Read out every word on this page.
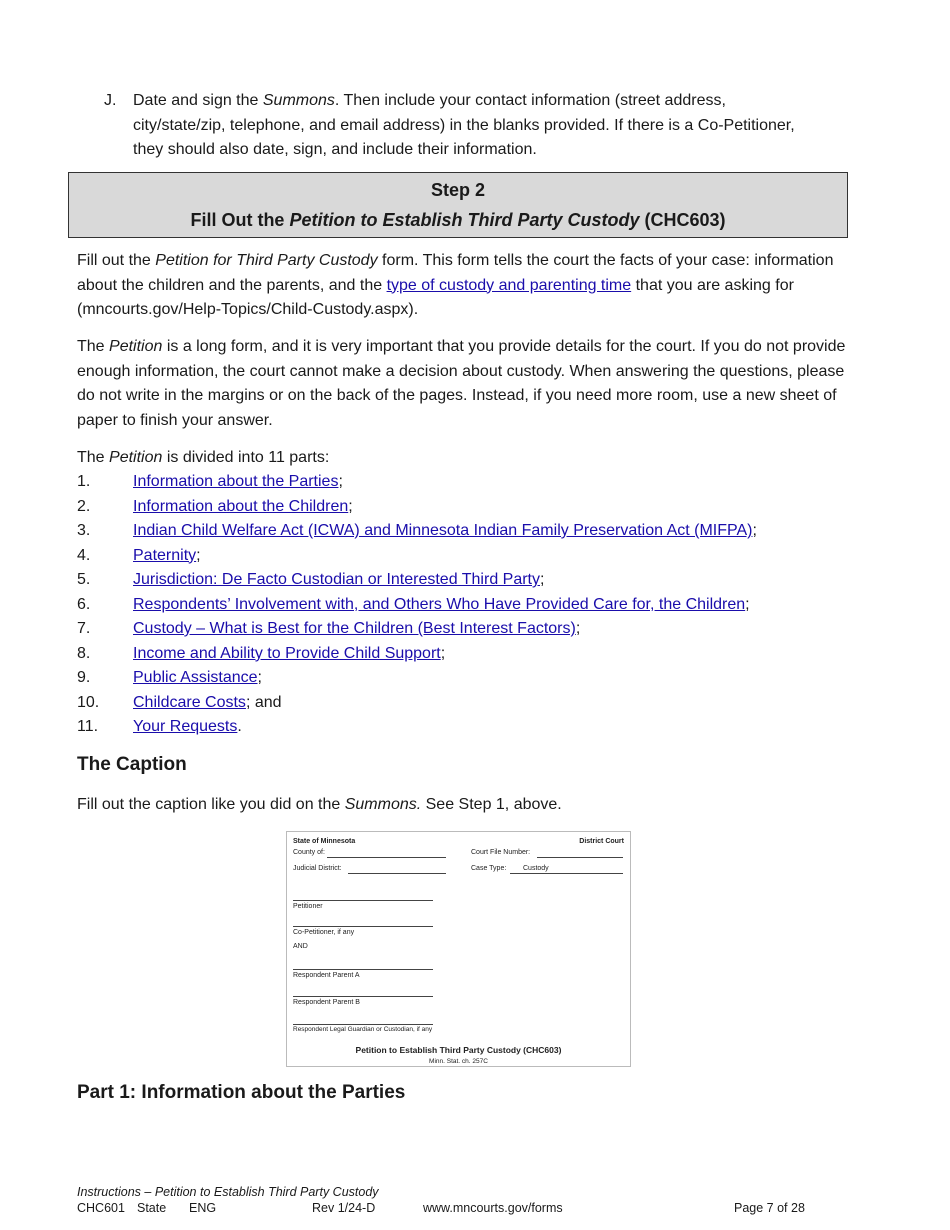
J. Date and sign the Summons. Then include your contact information (street address, city/state/zip, telephone, and email address) in the blanks provided. If there is a Co-Petitioner, they should also date, sign, and include their information.
Step 2
Fill Out the Petition to Establish Third Party Custody (CHC603)

Fill out the Petition for Third Party Custody form. This form tells the court the facts of your case: information about the children and the parents, and the type of custody and parenting time that you are asking for (mncourts.gov/Help-Topics/Child-Custody.aspx).

The Petition is a long form, and it is very important that you provide details for the court. If you do not provide enough information, the court cannot make a decision about custody. When answering the questions, please do not write in the margins or on the back of the pages. Instead, if you need more room, use a new sheet of paper to finish your answer.

The Petition is divided into 11 parts:

1.	Information about the Parties;
2.	Information about the Children;
3.	Indian Child Welfare Act (ICWA) and Minnesota Indian Family Preservation Act (MIFPA);
4.	Paternity;
5.	Jurisdiction: De Facto Custodian or Interested Third Party;
6.	Respondents’ Involvement with, and Others Who Have Provided Care for, the Children;
7.	Custody – What is Best for the Children (Best Interest Factors);
8.	Income and Ability to Provide Child Support;
9.	Public Assistance;
10.	Childcare Costs; and
11.	Your Requests.
The Caption

Fill out the caption like you did on the Summons. See Step 1, above.

State of Minnesota	District Court
County of:	Court File Number:
Judicial District:	Case Type: Custody
Petitioner
Co-Petitioner, if any
AND
Respondent Parent A
Respondent Parent B
Respondent Legal Guardian or Custodian, if any
Petition to Establish Third Party Custody (CHC603)
Minn. Stat. ch. 257C
Part 1: Information about the Parties
Instructions – Petition to Establish Third Party Custody
CHC601 State ENG	Rev 1/24-D	www.mncourts.gov/forms	Page 7 of 28
